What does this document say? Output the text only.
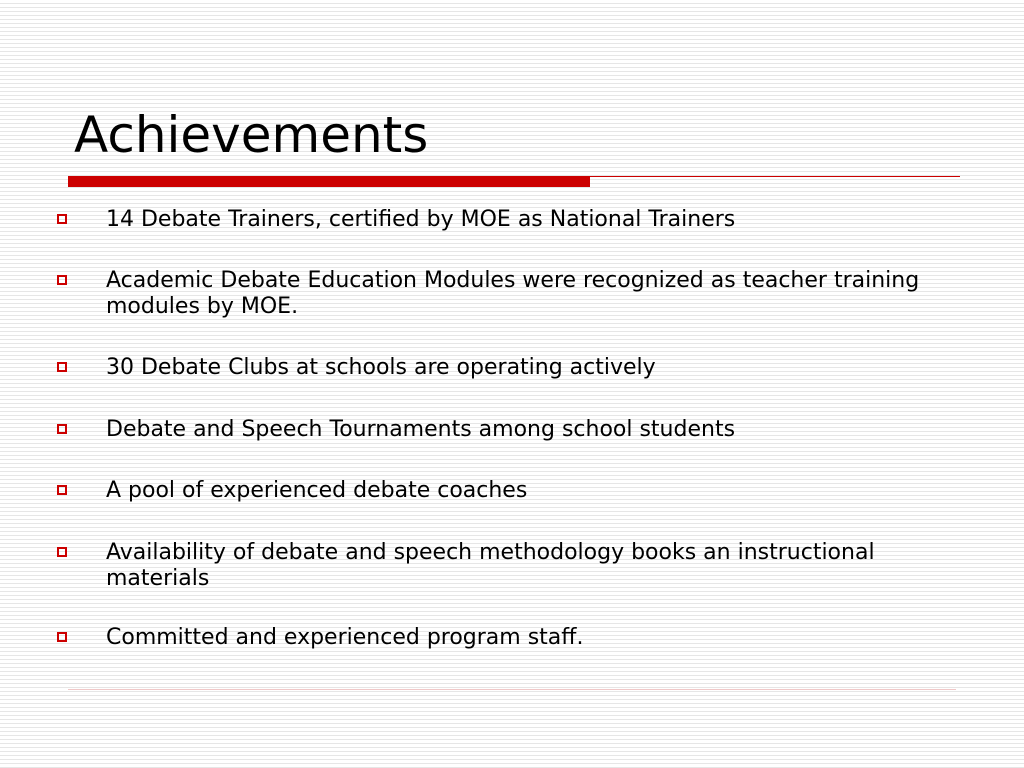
Achievements
14 Debate Trainers, certified by MOE as National Trainers
Academic Debate Education Modules were recognized as teacher training modules by MOE.
30 Debate Clubs at schools are operating actively
Debate and Speech Tournaments among school students
A pool of experienced debate coaches
Availability of debate and speech methodology books an instructional materials
Committed and experienced program staff.
